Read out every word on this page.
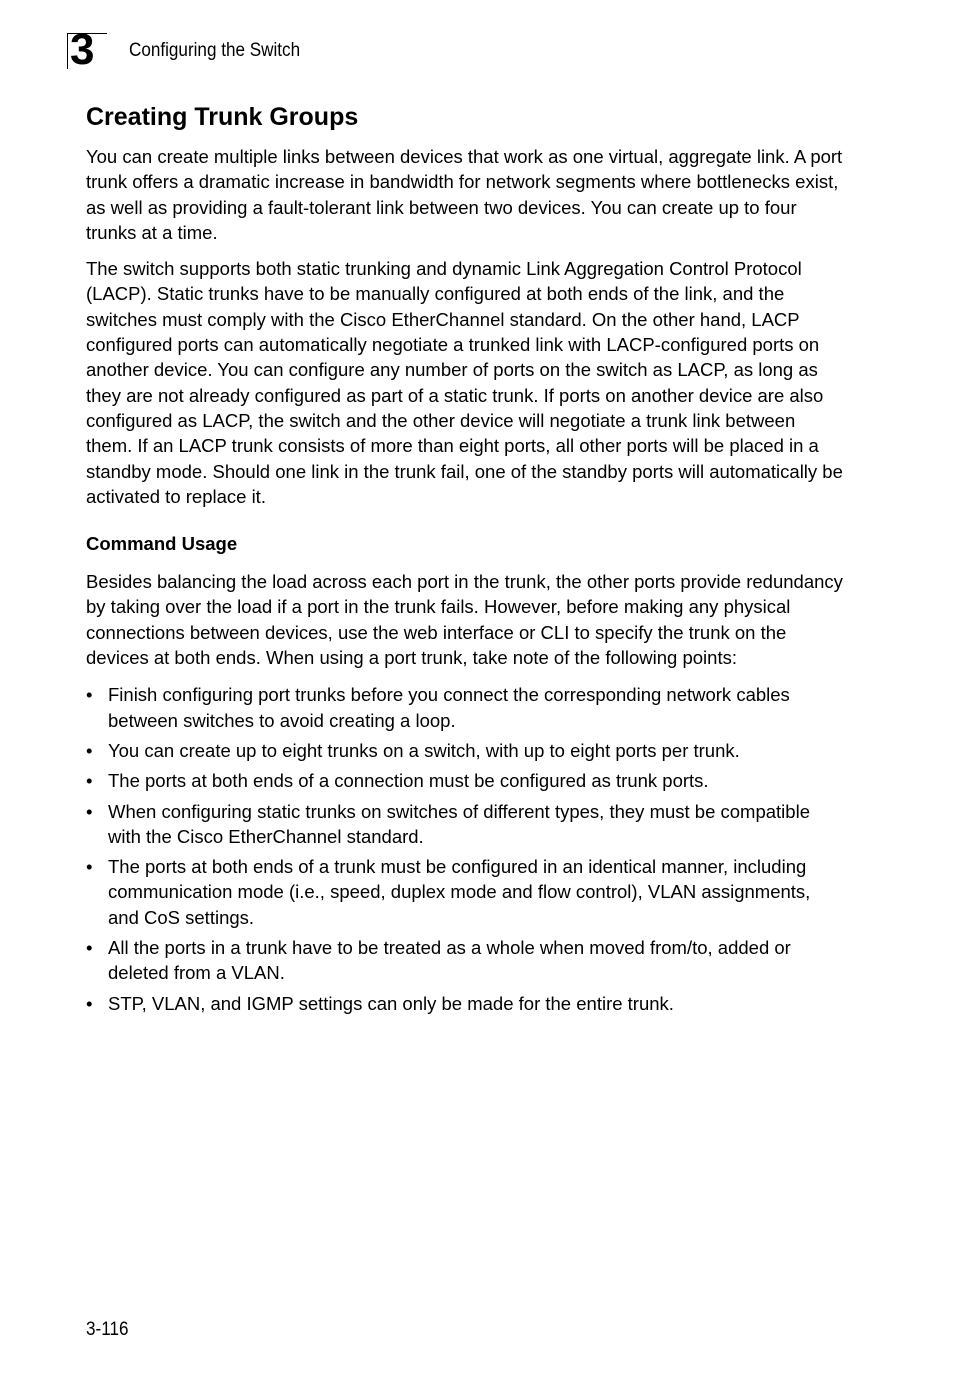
3 Configuring the Switch
Creating Trunk Groups

You can create multiple links between devices that work as one virtual, aggregate link. A port trunk offers a dramatic increase in bandwidth for network segments where bottlenecks exist, as well as providing a fault-tolerant link between two devices. You can create up to four trunks at a time.

The switch supports both static trunking and dynamic Link Aggregation Control Protocol (LACP). Static trunks have to be manually configured at both ends of the link, and the switches must comply with the Cisco EtherChannel standard. On the other hand, LACP configured ports can automatically negotiate a trunked link with LACP-configured ports on another device. You can configure any number of ports on the switch as LACP, as long as they are not already configured as part of a static trunk. If ports on another device are also configured as LACP, the switch and the other device will negotiate a trunk link between them. If an LACP trunk consists of more than eight ports, all other ports will be placed in a standby mode. Should one link in the trunk fail, one of the standby ports will automatically be activated to replace it.

Command Usage

Besides balancing the load across each port in the trunk, the other ports provide redundancy by taking over the load if a port in the trunk fails. However, before making any physical connections between devices, use the web interface or CLI to specify the trunk on the devices at both ends. When using a port trunk, take note of the following points:

• Finish configuring port trunks before you connect the corresponding network cables between switches to avoid creating a loop.
• You can create up to eight trunks on a switch, with up to eight ports per trunk.
• The ports at both ends of a connection must be configured as trunk ports.
• When configuring static trunks on switches of different types, they must be compatible with the Cisco EtherChannel standard.
• The ports at both ends of a trunk must be configured in an identical manner, including communication mode (i.e., speed, duplex mode and flow control), VLAN assignments, and CoS settings.
• All the ports in a trunk have to be treated as a whole when moved from/to, added or deleted from a VLAN.
• STP, VLAN, and IGMP settings can only be made for the entire trunk.
3-116
